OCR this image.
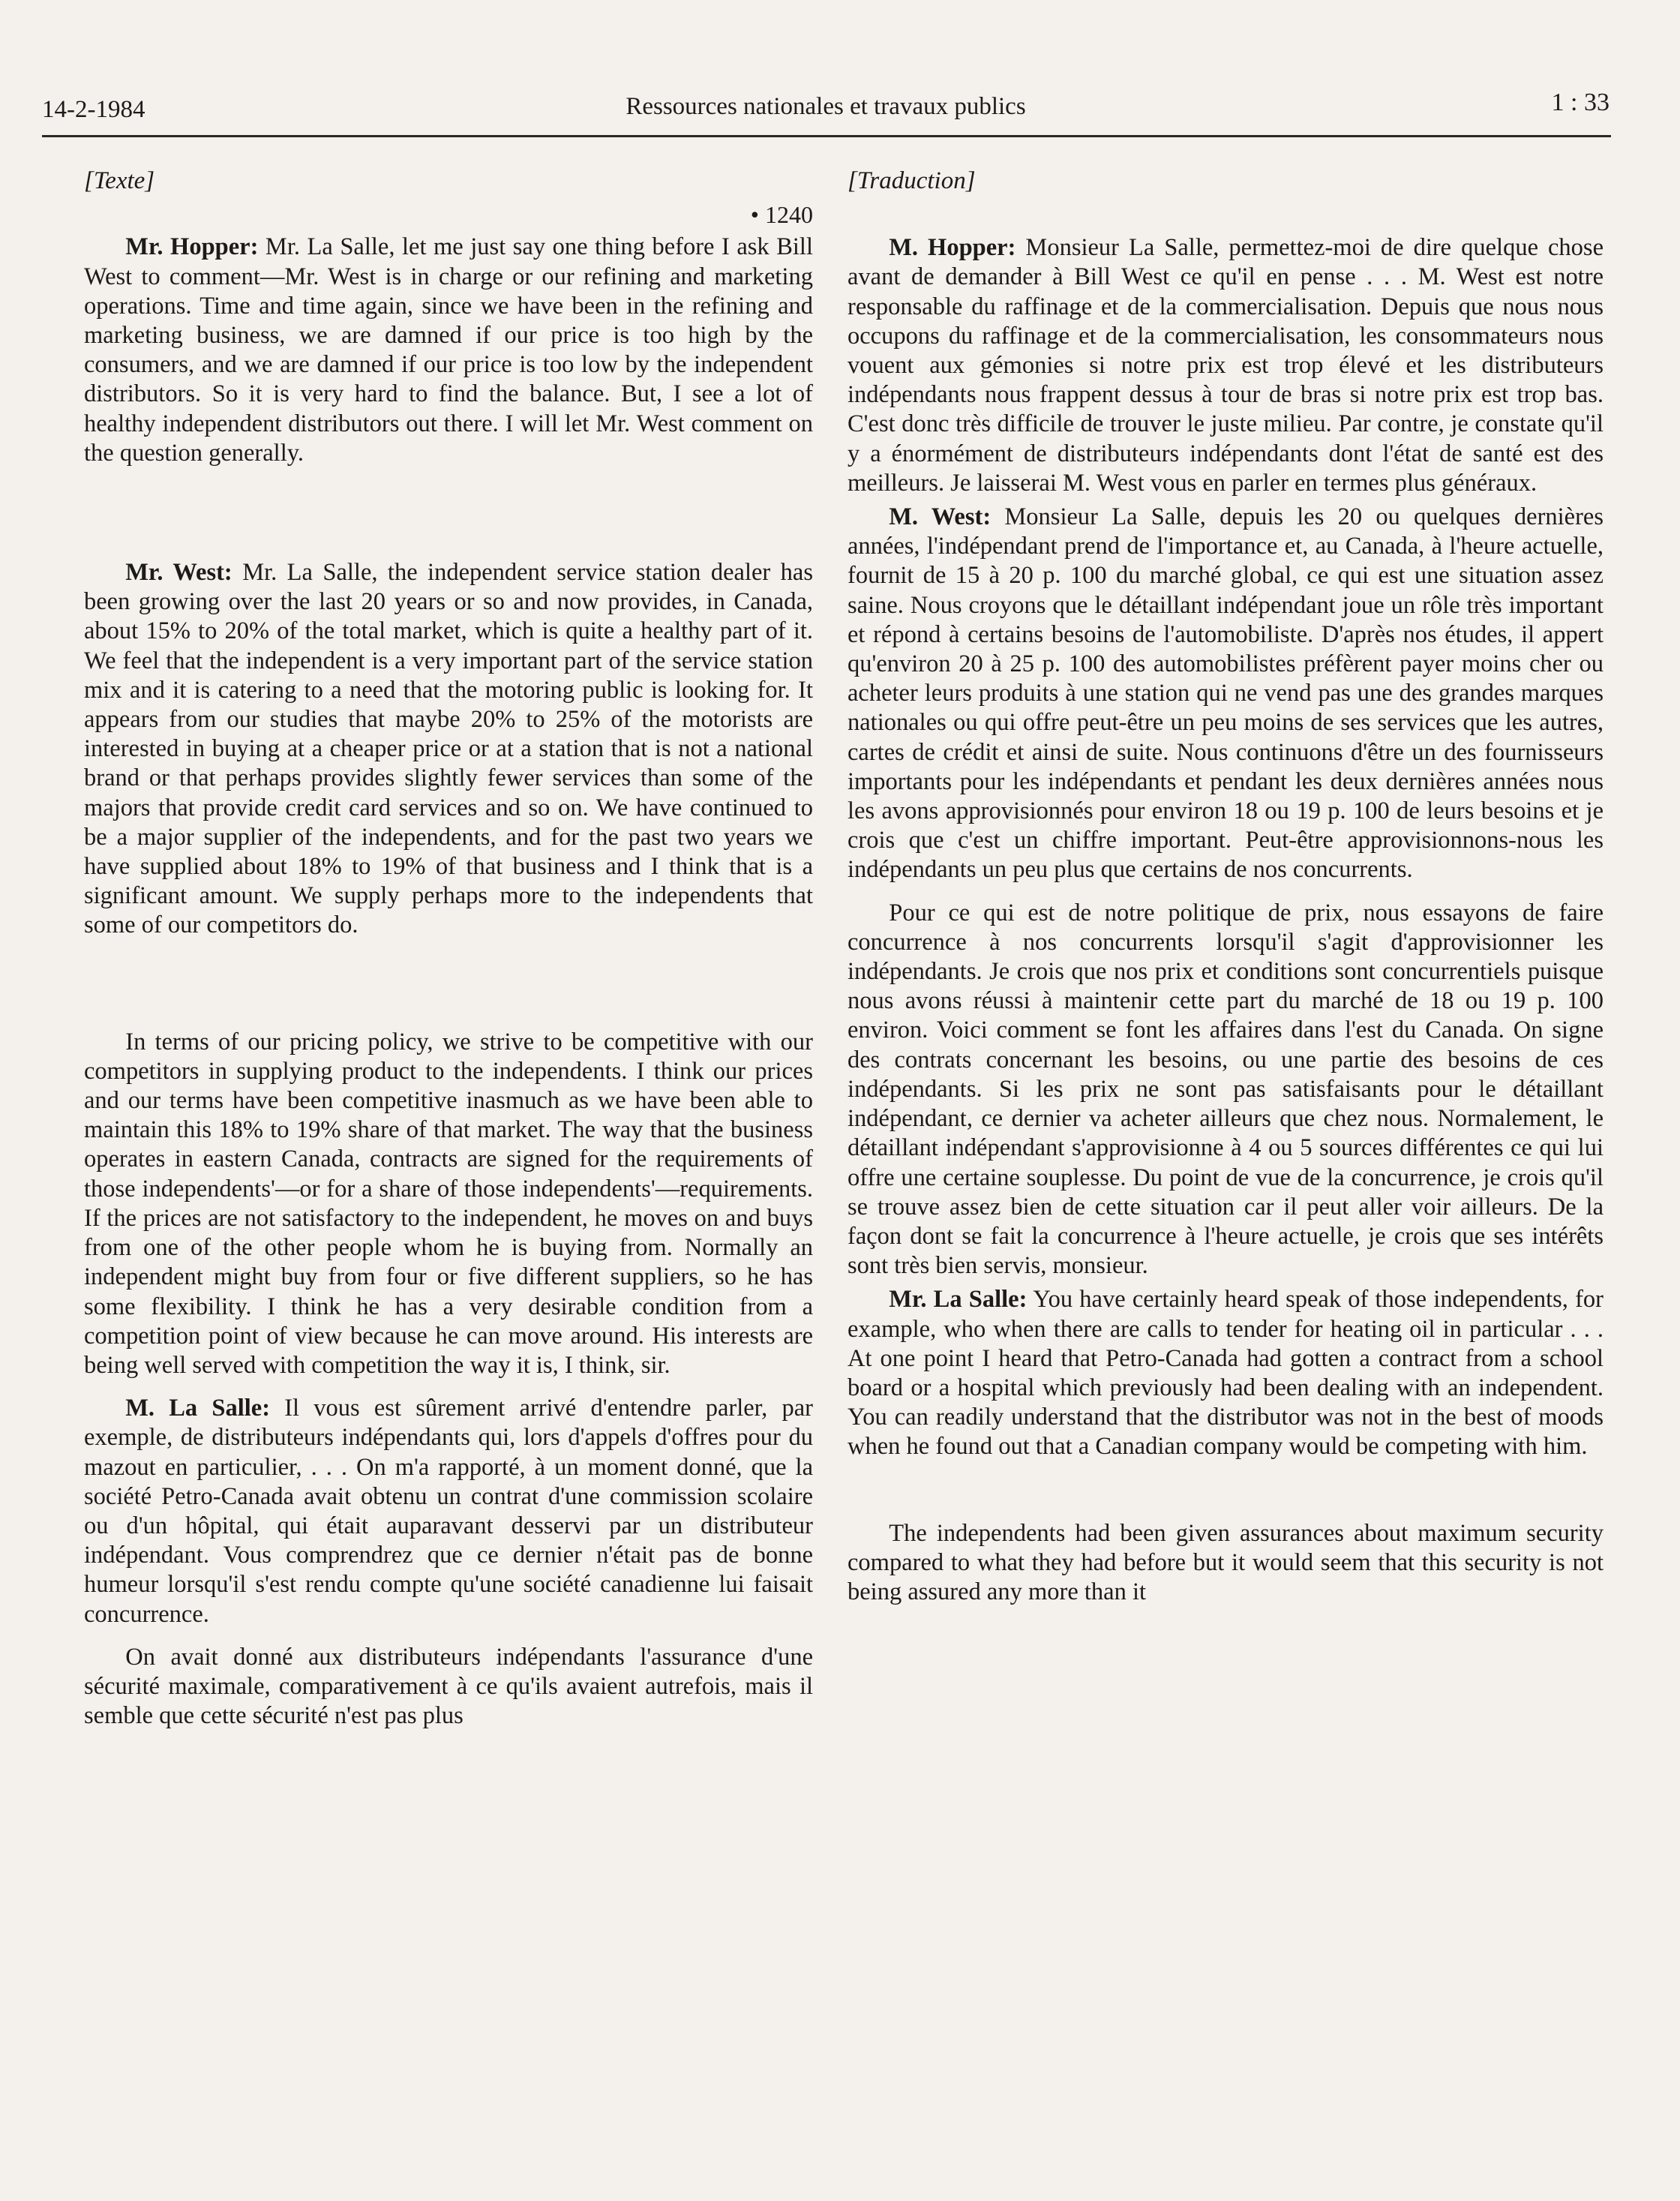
14-2-1984	Ressources nationales et travaux publics	1 : 33

[Texte]

• 1240

Mr. Hopper: Mr. La Salle, let me just say one thing before I ask Bill West to comment—Mr. West is in charge or our refining and marketing operations. Time and time again, since we have been in the refining and marketing business, we are damned if our price is too high by the consumers, and we are damned if our price is too low by the independent distributors. So it is very hard to find the balance. But, I see a lot of healthy independent distributors out there. I will let Mr. West comment on the question generally.

Mr. West: Mr. La Salle, the independent service station dealer has been growing over the last 20 years or so and now provides, in Canada, about 15% to 20% of the total market, which is quite a healthy part of it. We feel that the independent is a very important part of the service station mix and it is catering to a need that the motoring public is looking for. It appears from our studies that maybe 20% to 25% of the motorists are interested in buying at a cheaper price or at a station that is not a national brand or that perhaps provides slightly fewer services than some of the majors that provide credit card services and so on. We have continued to be a major supplier of the independents, and for the past two years we have supplied about 18% to 19% of that business and I think that is a significant amount. We supply perhaps more to the independents that some of our competitors do.

In terms of our pricing policy, we strive to be competitive with our competitors in supplying product to the independents. I think our prices and our terms have been competitive inasmuch as we have been able to maintain this 18% to 19% share of that market. The way that the business operates in eastern Canada, contracts are signed for the requirements of those independents'—or for a share of those independents'—requirements. If the prices are not satisfactory to the independent, he moves on and buys from one of the other people whom he is buying from. Normally an independent might buy from four or five different suppliers, so he has some flexibility. I think he has a very desirable condition from a competition point of view because he can move around. His interests are being well served with competition the way it is, I think, sir.

M. La Salle: Il vous est sûrement arrivé d'entendre parler, par exemple, de distributeurs indépendants qui, lors d'appels d'offres pour du mazout en particulier, . . . On m'a rapporté, à un moment donné, que la société Petro-Canada avait obtenu un contrat d'une commission scolaire ou d'un hôpital, qui était auparavant desservi par un distributeur indépendant. Vous comprendrez que ce dernier n'était pas de bonne humeur lorsqu'il s'est rendu compte qu'une société canadienne lui faisait concurrence.

On avait donné aux distributeurs indépendants l'assurance d'une sécurité maximale, comparativement à ce qu'ils avaient autrefois, mais il semble que cette sécurité n'est pas plus

[Traduction]

M. Hopper: Monsieur La Salle, permettez-moi de dire quelque chose avant de demander à Bill West ce qu'il en pense . . . M. West est notre responsable du raffinage et de la commercialisation. Depuis que nous nous occupons du raffinage et de la commercialisation, les consommateurs nous vouent aux gémonies si notre prix est trop élevé et les distributeurs indépendants nous frappent dessus à tour de bras si notre prix est trop bas. C'est donc très difficile de trouver le juste milieu. Par contre, je constate qu'il y a énormément de distributeurs indépendants dont l'état de santé est des meilleurs. Je laisserai M. West vous en parler en termes plus généraux.

M. West: Monsieur La Salle, depuis les 20 ou quelques dernières années, l'indépendant prend de l'importance et, au Canada, à l'heure actuelle, fournit de 15 à 20 p. 100 du marché global, ce qui est une situation assez saine. Nous croyons que le détaillant indépendant joue un rôle très important et répond à certains besoins de l'automobiliste. D'après nos études, il appert qu'environ 20 à 25 p. 100 des automobilistes préfèrent payer moins cher ou acheter leurs produits à une station qui ne vend pas une des grandes marques nationales ou qui offre peut-être un peu moins de ses services que les autres, cartes de crédit et ainsi de suite. Nous continuons d'être un des fournisseurs importants pour les indépendants et pendant les deux dernières années nous les avons approvisionnés pour environ 18 ou 19 p. 100 de leurs besoins et je crois que c'est un chiffre important. Peut-être approvisionnons-nous les indépendants un peu plus que certains de nos concurrents.

Pour ce qui est de notre politique de prix, nous essayons de faire concurrence à nos concurrents lorsqu'il s'agit d'approvisionner les indépendants. Je crois que nos prix et conditions sont concurrentiels puisque nous avons réussi à maintenir cette part du marché de 18 ou 19 p. 100 environ. Voici comment se font les affaires dans l'est du Canada. On signe des contrats concernant les besoins, ou une partie des besoins de ces indépendants. Si les prix ne sont pas satisfaisants pour le détaillant indépendant, ce dernier va acheter ailleurs que chez nous. Normalement, le détaillant indépendant s'approvisionne à 4 ou 5 sources différentes ce qui lui offre une certaine souplesse. Du point de vue de la concurrence, je crois qu'il se trouve assez bien de cette situation car il peut aller voir ailleurs. De la façon dont se fait la concurrence à l'heure actuelle, je crois que ses intérêts sont très bien servis, monsieur.

Mr. La Salle: You have certainly heard speak of those independents, for example, who when there are calls to tender for heating oil in particular . . . At one point I heard that Petro-Canada had gotten a contract from a school board or a hospital which previously had been dealing with an independent. You can readily understand that the distributor was not in the best of moods when he found out that a Canadian company would be competing with him.

The independents had been given assurances about maximum security compared to what they had before but it would seem that this security is not being assured any more than it
